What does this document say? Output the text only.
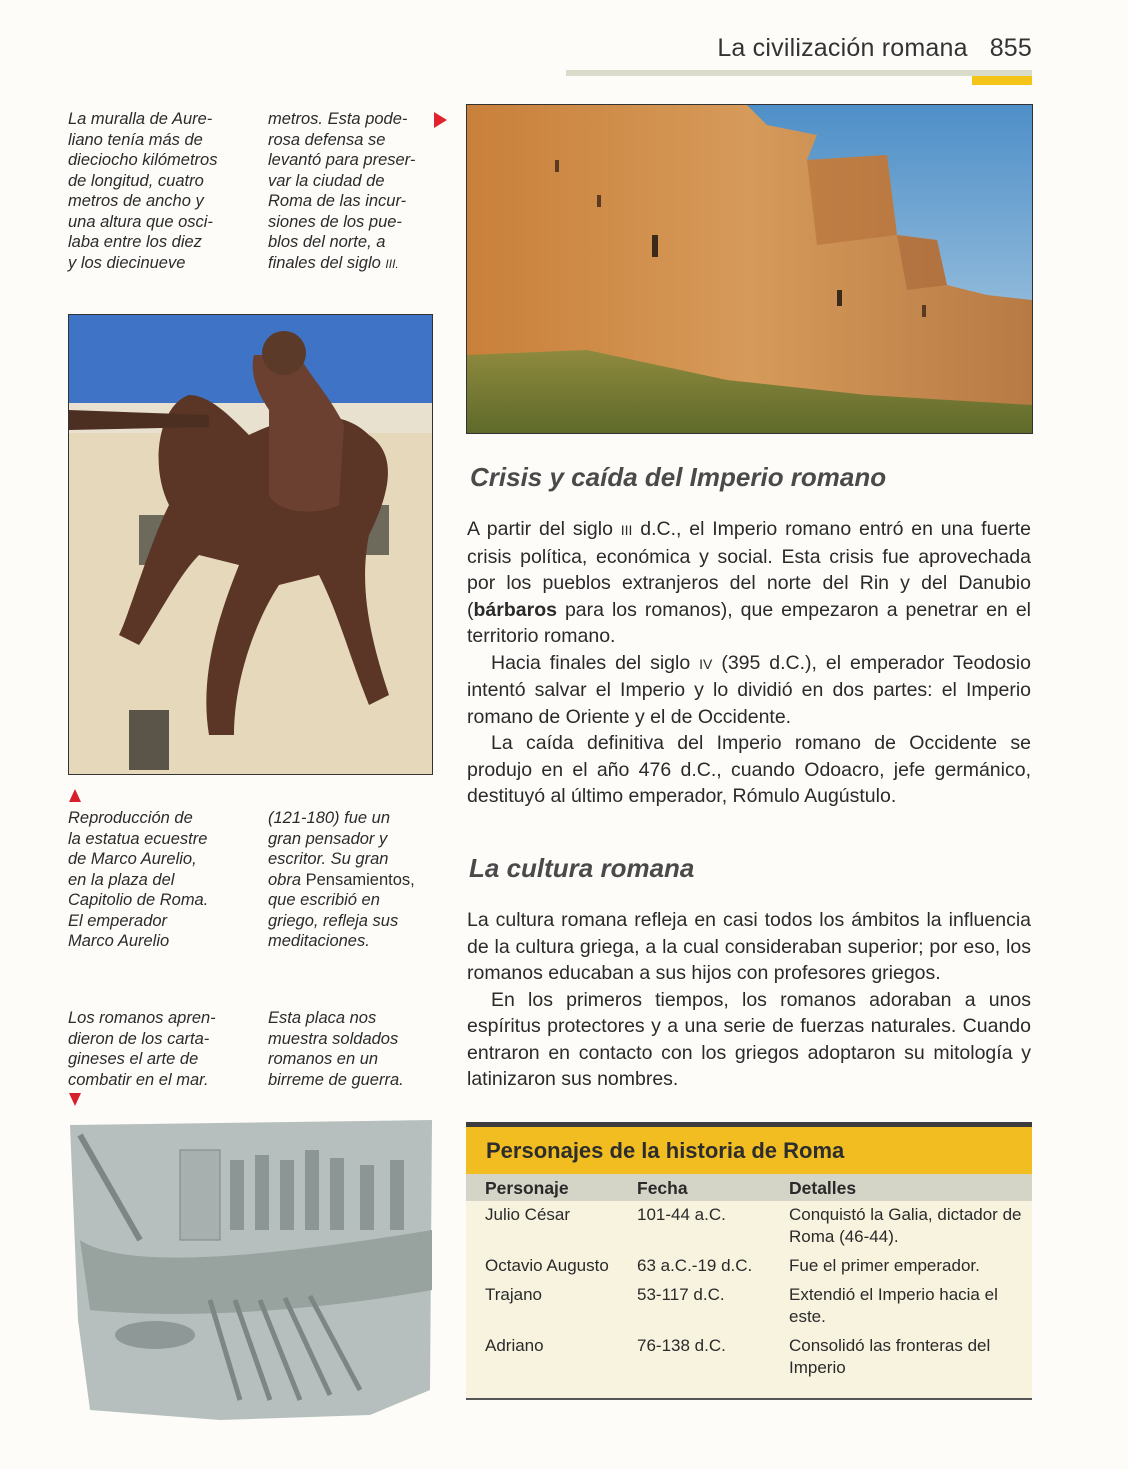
La civilización romana 855

La muralla de Aure-
liano tenía más de
dieciocho kilómetros
de longitud, cuatro
metros de ancho y
una altura que osci-
laba entre los diez
y los diecinueve

metros. Esta pode-
rosa defensa se
levantó para preser-
var la ciudad de
Roma de las incur-
siones de los pue-
blos del norte, a
finales del siglo III.

Reproducción de
la estatua ecuestre
de Marco Aurelio,
en la plaza del
Capitolio de Roma.
El emperador
Marco Aurelio

(121-180) fue un
gran pensador y
escritor. Su gran
obra Pensamientos,
que escribió en
griego, refleja sus
meditaciones.

Los romanos apren-
dieron de los carta-
gineses el arte de
combatir en el mar.

Esta placa nos
muestra soldados
romanos en un
birreme de guerra.

Crisis y caída del Imperio romano

A partir del siglo III d.C., el Imperio romano entró en una fuerte crisis política, económica y social. Esta crisis fue aprovechada por los pueblos extranjeros del norte del Rin y del Danubio (bárbaros para los romanos), que empezaron a penetrar en el territorio romano.

Hacia finales del siglo IV (395 d.C.), el emperador Teodosio intentó salvar el Imperio y lo dividió en dos partes: el Imperio romano de Oriente y el de Occidente.

La caída definitiva del Imperio romano de Occidente se produjo en el año 476 d.C., cuando Odoacro, jefe germánico, destituyó al último emperador, Rómulo Augústulo.

La cultura romana

La cultura romana refleja en casi todos los ámbitos la influencia de la cultura griega, a la cual consideraban superior; por eso, los romanos educaban a sus hijos con profesores griegos.

En los primeros tiempos, los romanos adoraban a unos espíritus protectores y a una serie de fuerzas naturales. Cuando entraron en contacto con los griegos adoptaron su mitología y latinizaron sus nombres.

Personajes de la historia de Roma
Personaje	Fecha	Detalles
Julio César	101-44 a.C.	Conquistó la Galia, dictador de Roma (46-44).
Octavio Augusto	63 a.C.-19 d.C.	Fue el primer emperador.
Trajano	53-117 d.C.	Extendió el Imperio hacia el este.
Adriano	76-138 d.C.	Consolidó las fronteras del Imperio
